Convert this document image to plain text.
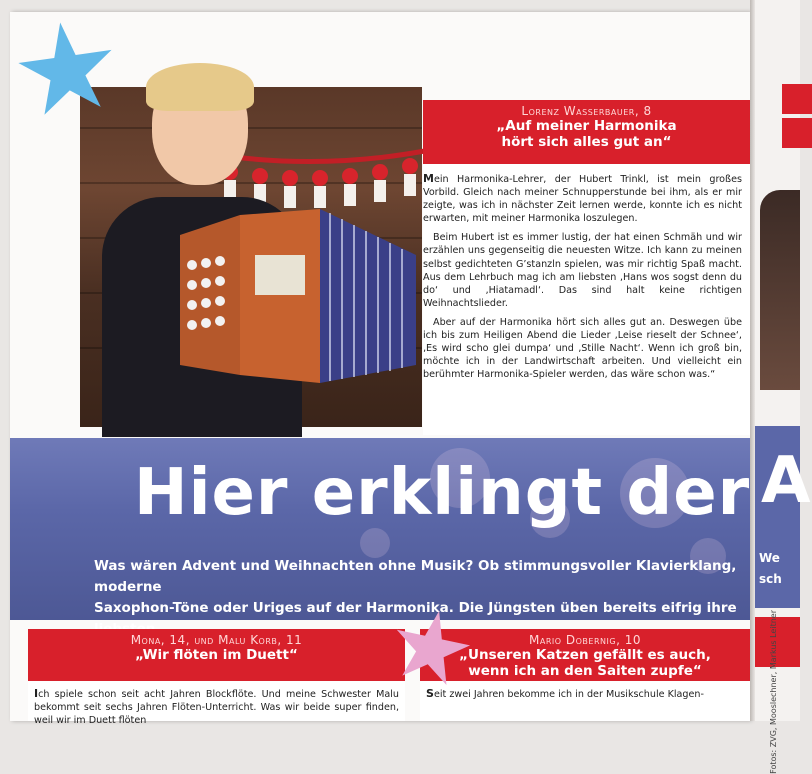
Lorenz Wasserbauer, 8
„Auf meiner Harmonika
hört sich alles gut an“

Mein Harmonika-Lehrer, der Hubert Trinkl, ist mein großes Vorbild. Gleich nach meiner Schnupperstunde bei ihm, als er mir zeigte, was ich in nächster Zeit lernen werde, konnte ich es nicht erwarten, mit meiner Harmonika loszulegen.

Beim Hubert ist es immer lustig, der hat einen Schmäh und wir erzählen uns gegenseitig die neuesten Witze. Ich kann zu meinen selbst gedichteten G’stanzln spielen, was mir richtig Spaß macht. Aus dem Lehrbuch mag ich am liebsten ‚Hans wos sogst denn du do‘ und ‚Hiatamadl‘. Das sind halt keine richtigen Weihnachtslieder.

Aber auf der Harmonika hört sich alles gut an. Deswegen übe ich bis zum Heiligen Abend die Lieder ‚Leise rieselt der Schnee‘, ‚Es wird scho glei dumpa‘ und ‚Stille Nacht‘. Wenn ich groß bin, möchte ich in der Landwirtschaft arbeiten. Und vielleicht ein berühmter Harmonika-Spieler werden, das wäre schon was.“

Hier erklingt der
Was wären Advent und Weihnachten ohne Musik? Ob stimmungsvoller Klavierklang, moderne
Saxophon-Töne oder Uriges auf der Harmonika. Die Jüngsten üben bereits eifrig ihre
Mona, 14, und Malu Korb, 11
„Wir flöten im Duett“
Ich spiele schon seit acht Jahren Blockflöte. Und meine Schwester Malu bekommt seit sechs Jahren Flöten-Unterricht. Was wir beide super finden, weil wir im Duett flöten
Mario Dobernig, 10
„Unseren Katzen gefällt es auch,
wenn ich an den Saiten zupfe“
Seit zwei Jahren bekomme ich in der Musikschule Klagen-
A
We
sch
Fotos: ZVG, Mooslechner, Markus Leitner
